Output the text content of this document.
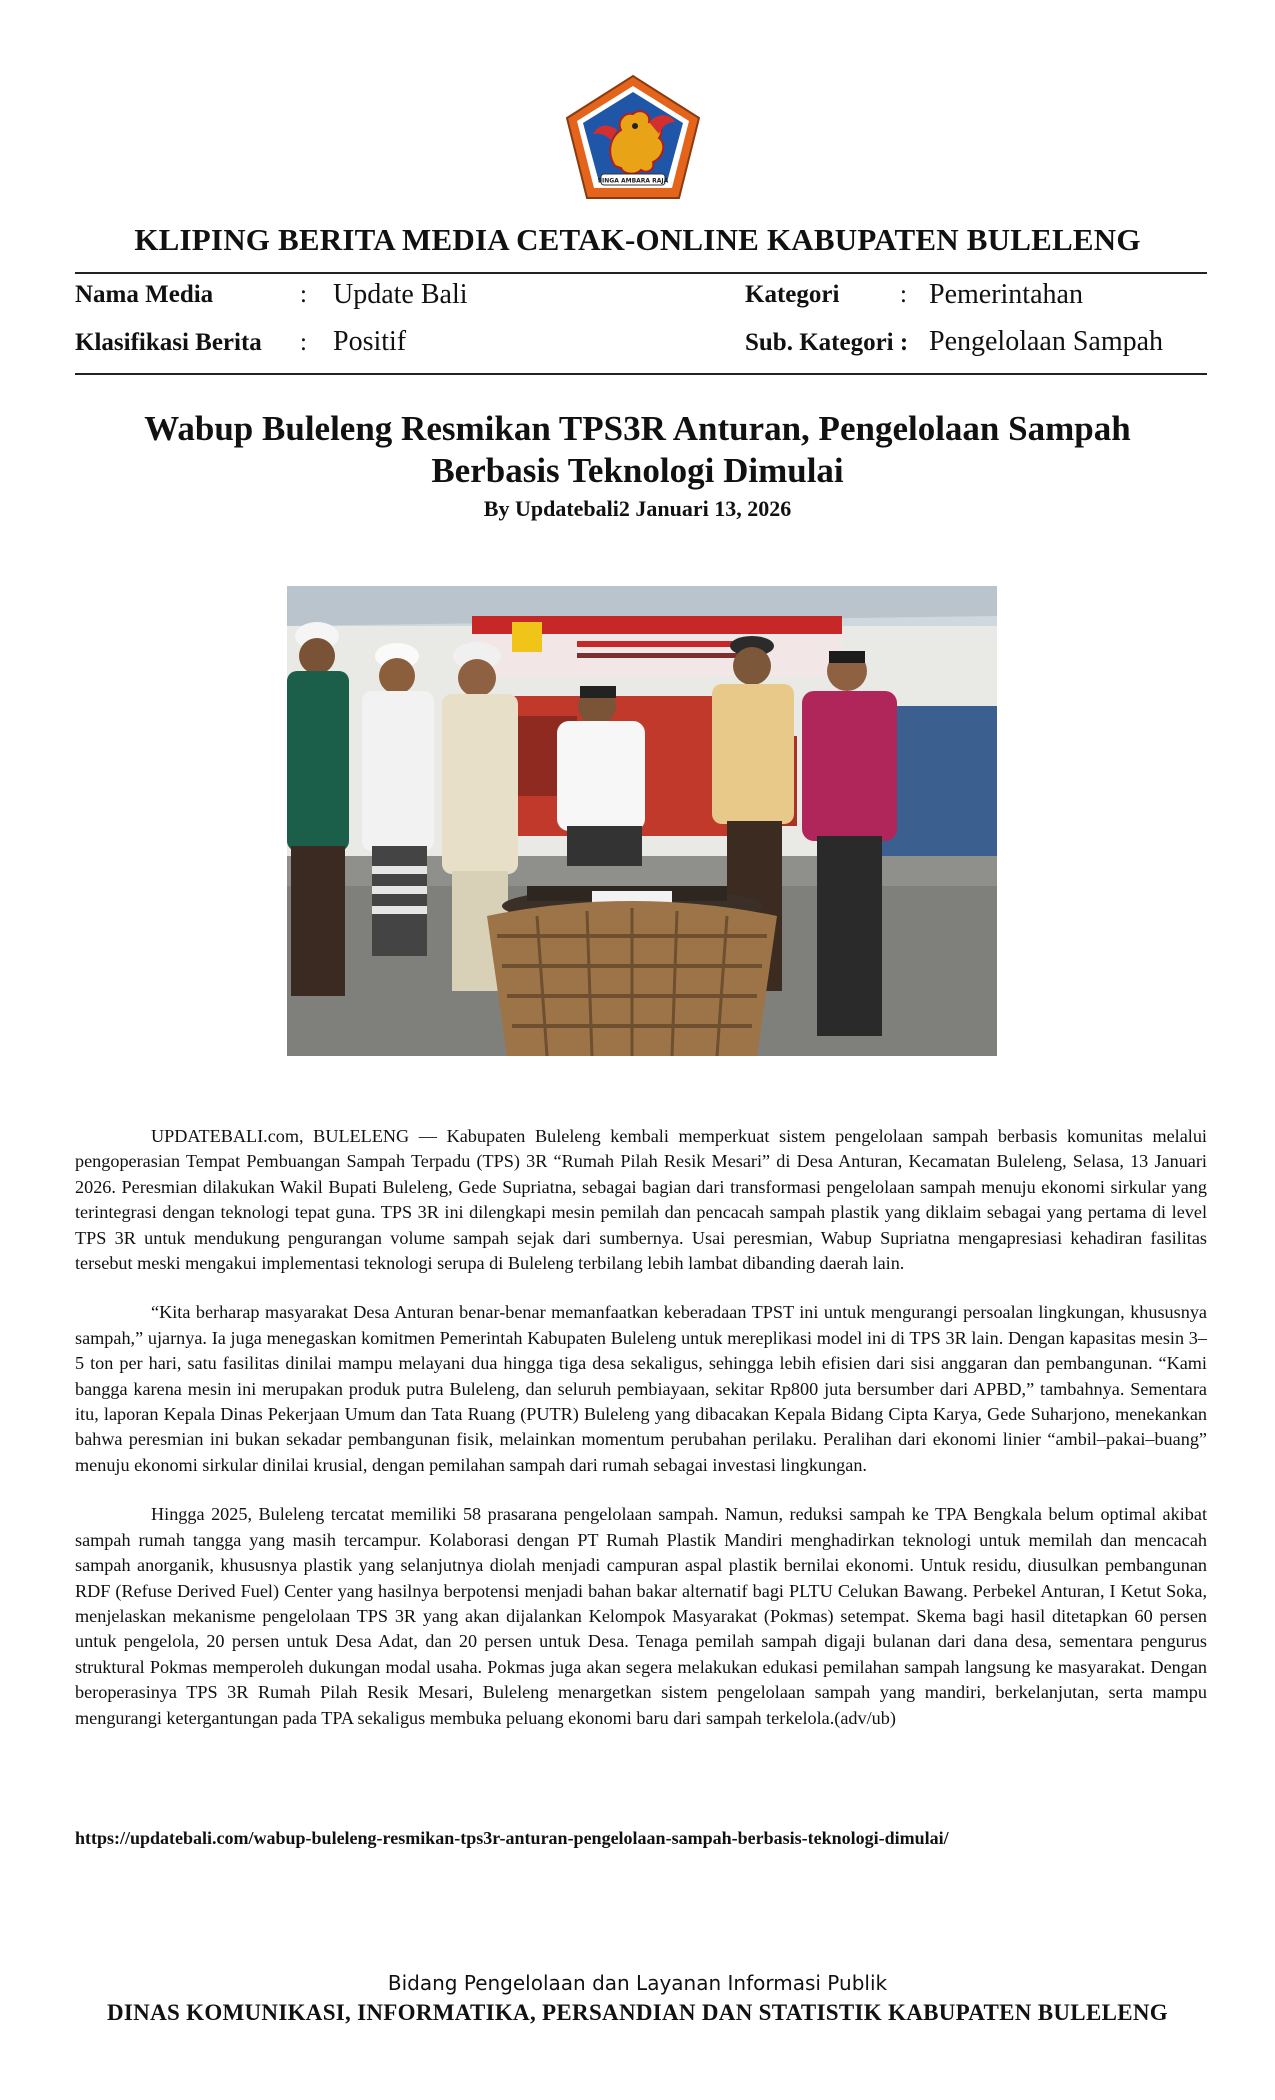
SINGA AMBARA RAJA
KLIPING BERITA MEDIA CETAK-ONLINE KABUPATEN BULELENG
Nama Media	: Update Bali	Kategori : Pemerintahan
Klasifikasi Berita : Positif	Sub. Kategori : Pengelolaan Sampah
Wabup Buleleng Resmikan TPS3R Anturan, Pengelolaan Sampah
Berbasis Teknologi Dimulai
By Updatebali2 Januari 13, 2026

UPDATEBALI.com, BULELENG — Kabupaten Buleleng kembali memperkuat sistem pengelolaan sampah berbasis komunitas melalui pengoperasian Tempat Pembuangan Sampah Terpadu (TPS) 3R “Rumah Pilah Resik Mesari” di Desa Anturan, Kecamatan Buleleng, Selasa, 13 Januari 2026. Peresmian dilakukan Wakil Bupati Buleleng, Gede Supriatna, sebagai bagian dari transformasi pengelolaan sampah menuju ekonomi sirkular yang terintegrasi dengan teknologi tepat guna. TPS 3R ini dilengkapi mesin pemilah dan pencacah sampah plastik yang diklaim sebagai yang pertama di level TPS 3R untuk mendukung pengurangan volume sampah sejak dari sumbernya. Usai peresmian, Wabup Supriatna mengapresiasi kehadiran fasilitas tersebut meski mengakui implementasi teknologi serupa di Buleleng terbilang lebih lambat dibanding daerah lain.

“Kita berharap masyarakat Desa Anturan benar-benar memanfaatkan keberadaan TPST ini untuk mengurangi persoalan lingkungan, khususnya sampah,” ujarnya. Ia juga menegaskan komitmen Pemerintah Kabupaten Buleleng untuk mereplikasi model ini di TPS 3R lain. Dengan kapasitas mesin 3–5 ton per hari, satu fasilitas dinilai mampu melayani dua hingga tiga desa sekaligus, sehingga lebih efisien dari sisi anggaran dan pembangunan. “Kami bangga karena mesin ini merupakan produk putra Buleleng, dan seluruh pembiayaan, sekitar Rp800 juta bersumber dari APBD,” tambahnya. Sementara itu, laporan Kepala Dinas Pekerjaan Umum dan Tata Ruang (PUTR) Buleleng yang dibacakan Kepala Bidang Cipta Karya, Gede Suharjono, menekankan bahwa peresmian ini bukan sekadar pembangunan fisik, melainkan momentum perubahan perilaku. Peralihan dari ekonomi linier “ambil–pakai–buang” menuju ekonomi sirkular dinilai krusial, dengan pemilahan sampah dari rumah sebagai investasi lingkungan.

Hingga 2025, Buleleng tercatat memiliki 58 prasarana pengelolaan sampah. Namun, reduksi sampah ke TPA Bengkala belum optimal akibat sampah rumah tangga yang masih tercampur. Kolaborasi dengan PT Rumah Plastik Mandiri menghadirkan teknologi untuk memilah dan mencacah sampah anorganik, khususnya plastik yang selanjutnya diolah menjadi campuran aspal plastik bernilai ekonomi. Untuk residu, diusulkan pembangunan RDF (Refuse Derived Fuel) Center yang hasilnya berpotensi menjadi bahan bakar alternatif bagi PLTU Celukan Bawang. Perbekel Anturan, I Ketut Soka, menjelaskan mekanisme pengelolaan TPS 3R yang akan dijalankan Kelompok Masyarakat (Pokmas) setempat. Skema bagi hasil ditetapkan 60 persen untuk pengelola, 20 persen untuk Desa Adat, dan 20 persen untuk Desa. Tenaga pemilah sampah digaji bulanan dari dana desa, sementara pengurus struktural Pokmas memperoleh dukungan modal usaha. Pokmas juga akan segera melakukan edukasi pemilahan sampah langsung ke masyarakat. Dengan beroperasinya TPS 3R Rumah Pilah Resik Mesari, Buleleng menargetkan sistem pengelolaan sampah yang mandiri, berkelanjutan, serta mampu mengurangi ketergantungan pada TPA sekaligus membuka peluang ekonomi baru dari sampah terkelola.(adv/ub)

https://updatebali.com/wabup-buleleng-resmikan-tps3r-anturan-pengelolaan-sampah-berbasis-teknologi-dimulai/
Bidang Pengelolaan dan Layanan Informasi Publik
DINAS KOMUNIKASI, INFORMATIKA, PERSANDIAN DAN STATISTIK KABUPATEN BULELENG
